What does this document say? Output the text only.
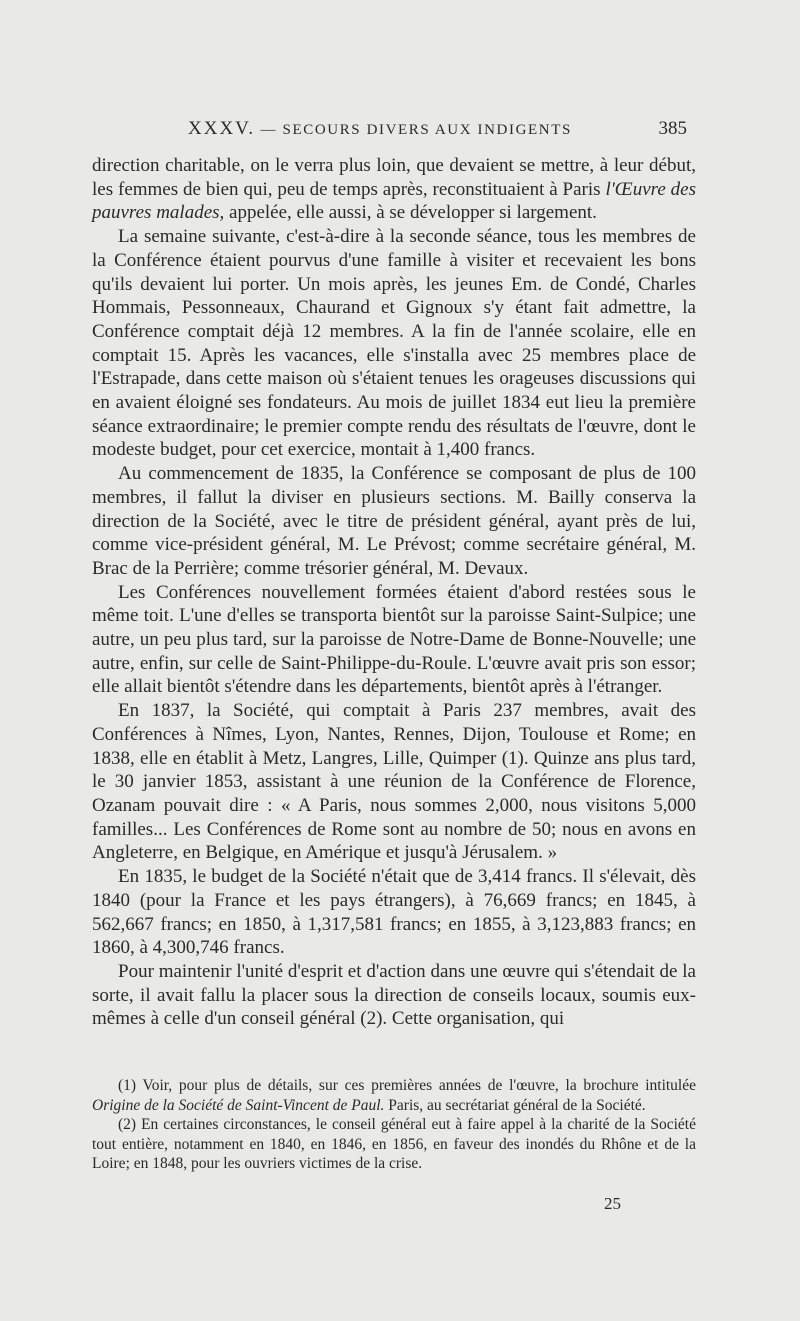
XXXV. — SECOURS DIVERS AUX INDIGENTS	385

direction charitable, on le verra plus loin, que devaient se mettre, à leur début, les femmes de bien qui, peu de temps après, reconstituaient à Paris l'Œuvre des pauvres malades, appelée, elle aussi, à se développer si largement.

La semaine suivante, c'est-à-dire à la seconde séance, tous les membres de la Conférence étaient pourvus d'une famille à visiter et recevaient les bons qu'ils devaient lui porter. Un mois après, les jeunes Em. de Condé, Charles Hommais, Pessonneaux, Chaurand et Gignoux s'y étant fait admettre, la Conférence comptait déjà 12 membres. A la fin de l'année scolaire, elle en comptait 15. Après les vacances, elle s'installa avec 25 membres place de l'Estrapade, dans cette maison où s'étaient tenues les orageuses discussions qui en avaient éloigné ses fondateurs. Au mois de juillet 1834 eut lieu la première séance extraordinaire; le premier compte rendu des résultats de l'œuvre, dont le modeste budget, pour cet exercice, montait à 1,400 francs.

Au commencement de 1835, la Conférence se composant de plus de 100 membres, il fallut la diviser en plusieurs sections. M. Bailly conserva la direction de la Société, avec le titre de président général, ayant près de lui, comme vice-président général, M. Le Prévost; comme secrétaire général, M. Brac de la Perrière; comme trésorier général, M. Devaux.

Les Conférences nouvellement formées étaient d'abord restées sous le même toit. L'une d'elles se transporta bientôt sur la paroisse Saint-Sulpice; une autre, un peu plus tard, sur la paroisse de Notre-Dame de Bonne-Nouvelle; une autre, enfin, sur celle de Saint-Philippe-du-Roule. L'œuvre avait pris son essor; elle allait bientôt s'étendre dans les départements, bientôt après à l'étranger.

En 1837, la Société, qui comptait à Paris 237 membres, avait des Conférences à Nîmes, Lyon, Nantes, Rennes, Dijon, Toulouse et Rome; en 1838, elle en établit à Metz, Langres, Lille, Quimper (1). Quinze ans plus tard, le 30 janvier 1853, assistant à une réunion de la Conférence de Florence, Ozanam pouvait dire : « A Paris, nous sommes 2,000, nous visitons 5,000 familles... Les Conférences de Rome sont au nombre de 50; nous en avons en Angleterre, en Belgique, en Amérique et jusqu'à Jérusalem. »

En 1835, le budget de la Société n'était que de 3,414 francs. Il s'élevait, dès 1840 (pour la France et les pays étrangers), à 76,669 francs; en 1845, à 562,667 francs; en 1850, à 1,317,581 francs; en 1855, à 3,123,883 francs; en 1860, à 4,300,746 francs.

Pour maintenir l'unité d'esprit et d'action dans une œuvre qui s'étendait de la sorte, il avait fallu la placer sous la direction de conseils locaux, soumis eux-mêmes à celle d'un conseil général (2). Cette organisation, qui

(1) Voir, pour plus de détails, sur ces premières années de l'œuvre, la brochure intitulée Origine de la Société de Saint-Vincent de Paul. Paris, au secrétariat général de la Société.

(2) En certaines circonstances, le conseil général eut à faire appel à la charité de la Société tout entière, notamment en 1840, en 1846, en 1856, en faveur des inondés du Rhône et de la Loire; en 1848, pour les ouvriers victimes de la crise.

25
